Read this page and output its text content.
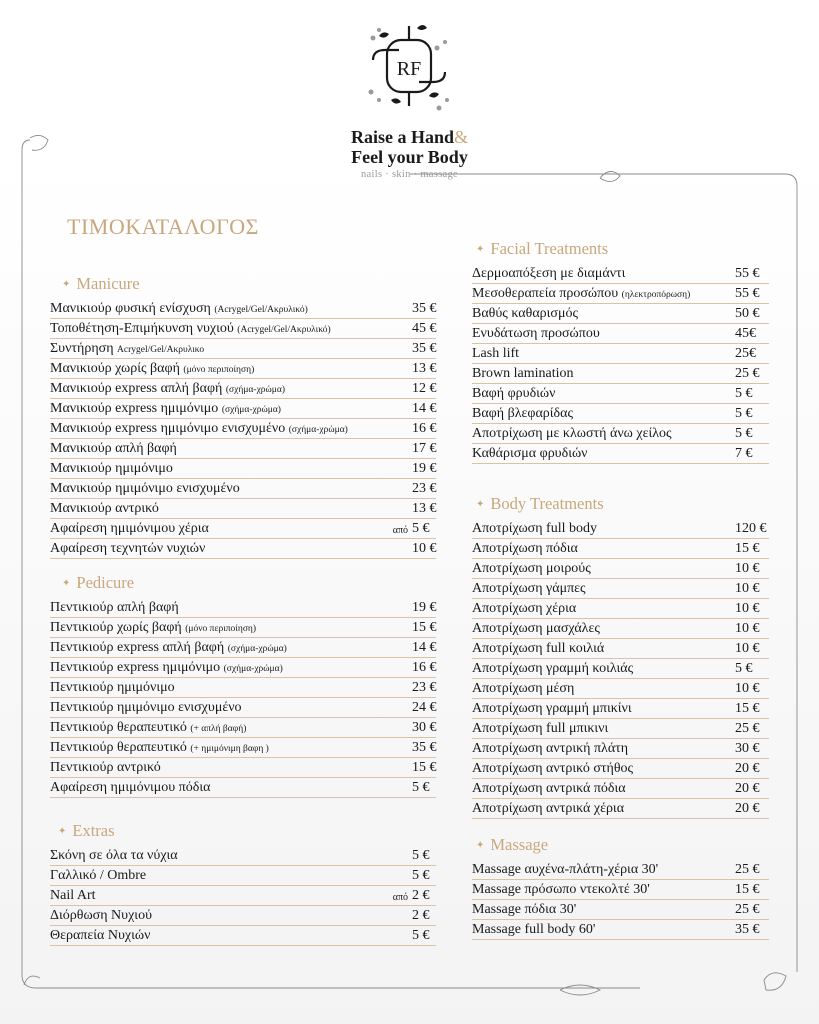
RF
Raise a Hand&
Feel your Body
nails · skin · massage
ΤΙΜΟΚΑΤΑΛΟΓΟΣ
✦ Manicure
Μανικιούρ φυσική ενίσχυση (Acrygel/Gel/Ακρυλικό)	35 €
Τοποθέτηση-Επιμήκυνση νυχιού (Acrygel/Gel/Ακρυλικό)	45 €
Συντήρηση Acrygel/Gel/Ακρυλικο	35 €
Μανικιούρ χωρίς βαφή (μόνο περιποίηση)	13 €
Μανικιούρ express απλή βαφή (σχήμα-χρώμα)	12 €
Μανικιούρ express ημιμόνιμο (σχήμα-χρώμα)	14 €
Μανικιούρ express ημιμόνιμο ενισχυμένο (σχήμα-χρώμα)	16 €
Μανικιούρ απλή βαφή	17 €
Μανικιούρ ημιμόνιμο	19 €
Μανικιούρ ημιμόνιμο ενισχυμένο	23 €
Μανικιούρ αντρικό	13 €
Αφαίρεση ημιμόνιμου χέρια	από 5 €
Αφαίρεση τεχνητών νυχιών	10 €
✦ Pedicure
Πεντικιούρ απλή βαφή	19 €
Πεντικιούρ χωρίς βαφή (μόνο περιποίηση)	15 €
Πεντικιούρ express απλή βαφή (σχήμα-χρώμα)	14 €
Πεντικιούρ express ημιμόνιμο (σχήμα-χρώμα)	16 €
Πεντικιούρ ημιμόνιμο	23 €
Πεντικιούρ ημιμόνιμο ενισχυμένο	24 €
Πεντικιούρ θεραπευτικό (+ απλή βαφή)	30 €
Πεντικιούρ θεραπευτικό (+ ημιμόνιμη βαφη )	35 €
Πεντικιούρ αντρικό	15 €
Αφαίρεση ημιμόνιμου πόδια	5 €
✦ Extras
Σκόνη σε όλα τα νύχια	5 €
Γαλλικό / Ombre	5 €
Nail Art	από 2 €
Διόρθωση Νυχιού	2 €
Θεραπεία Νυχιών	5 €
✦ Facial Treatments
Δερμοαπόξεση με διαμάντι	55 €
Μεσοθεραπεία προσώπου (ηλεκτροπόρωση)	55 €
Βαθύς καθαρισμός	50 €
Ενυδάτωση προσώπου	45€
Lash lift	25€
Brown lamination	25 €
Βαφή φρυδιών	5 €
Βαφή βλεφαρίδας	5 €
Αποτρίχωση με κλωστή άνω χείλος	5 €
Καθάρισμα φρυδιών	7 €
✦ Body Treatments
Αποτρίχωση full body	120 €
Αποτρίχωση πόδια	15 €
Αποτρίχωση μοιρούς	10 €
Αποτρίχωση γάμπες	10 €
Αποτρίχωση χέρια	10 €
Αποτρίχωση μασχάλες	10 €
Αποτρίχωση full κοιλιά	10 €
Αποτρίχωση γραμμή κοιλιάς	5 €
Αποτρίχωση μέση	10 €
Αποτρίχωση γραμμή μπικίνι	15 €
Αποτρίχωση full μπικινι	25 €
Αποτρίχωση αντρική πλάτη	30 €
Αποτρίχωση αντρικό στήθος	20 €
Αποτρίχωση αντρικά πόδια	20 €
Αποτρίχωση αντρικά χέρια	20 €
✦ Massage
Massage αυχένα-πλάτη-χέρια 30'	25 €
Massage πρόσωπο ντεκολτέ 30'	15 €
Massage πόδια 30'	25 €
Massage full body 60'	35 €
